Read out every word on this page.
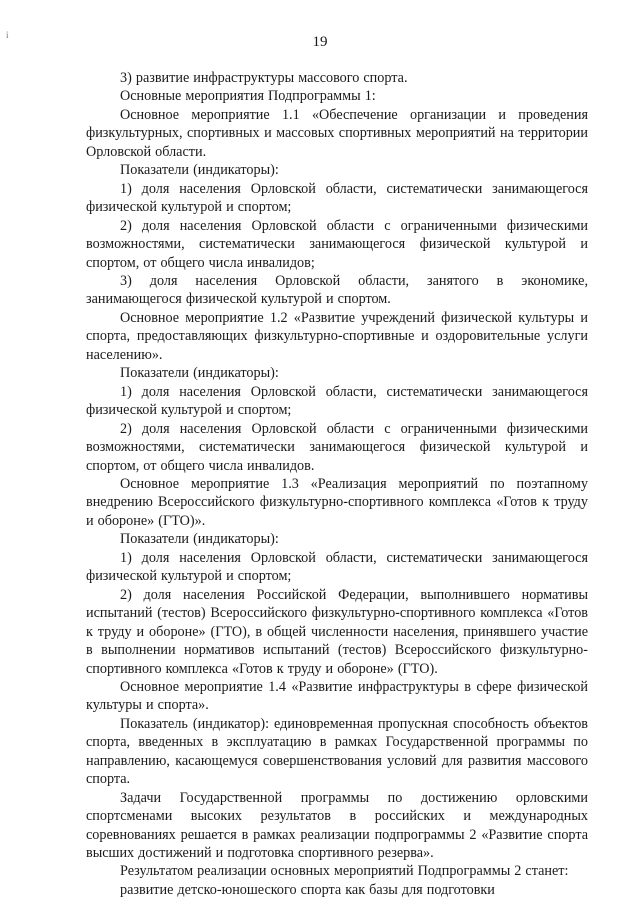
i	19

3) развитие инфраструктуры массового спорта.

Основные мероприятия Подпрограммы 1:

Основное мероприятие 1.1 «Обеспечение организации и проведения физкультурных, спортивных и массовых спортивных мероприятий на территории Орловской области.

Показатели (индикаторы):

1) доля населения Орловской области, систематически занимающегося физической культурой и спортом;

2) доля населения Орловской области с ограниченными физическими возможностями, систематически занимающегося физической культурой и спортом, от общего числа инвалидов;

3) доля населения Орловской области, занятого в экономике, занимающегося физической культурой и спортом.

Основное мероприятие 1.2 «Развитие учреждений физической культуры и спорта, предоставляющих физкультурно-спортивные и оздоровительные услуги населению».

Показатели (индикаторы):

1) доля населения Орловской области, систематически занимающегося физической культурой и спортом;

2) доля населения Орловской области с ограниченными физическими возможностями, систематически занимающегося физической культурой и спортом, от общего числа инвалидов.

Основное мероприятие 1.3 «Реализация мероприятий по поэтапному внедрению Всероссийского физкультурно-спортивного комплекса «Готов к труду и обороне» (ГТО)».

Показатели (индикаторы):

1) доля населения Орловской области, систематически занимающегося физической культурой и спортом;

2) доля населения Российской Федерации, выполнившего нормативы испытаний (тестов) Всероссийского физкультурно-спортивного комплекса «Готов к труду и обороне» (ГТО), в общей численности населения, принявшего участие в выполнении нормативов испытаний (тестов) Всероссийского физкультурно-спортивного комплекса «Готов к труду и обороне» (ГТО).

Основное мероприятие 1.4 «Развитие инфраструктуры в сфере физической культуры и спорта».

Показатель (индикатор): единовременная пропускная способность объектов спорта, введенных в эксплуатацию в рамках Государственной программы по направлению, касающемуся совершенствования условий для развития массового спорта.

Задачи Государственной программы по достижению орловскими спортсменами высоких результатов в российских и международных соревнованиях решается в рамках реализации подпрограммы 2 «Развитие спорта высших достижений и подготовка спортивного резерва».

Результатом реализации основных мероприятий Подпрограммы 2 станет:

развитие детско-юношеского спорта как базы для подготовки
